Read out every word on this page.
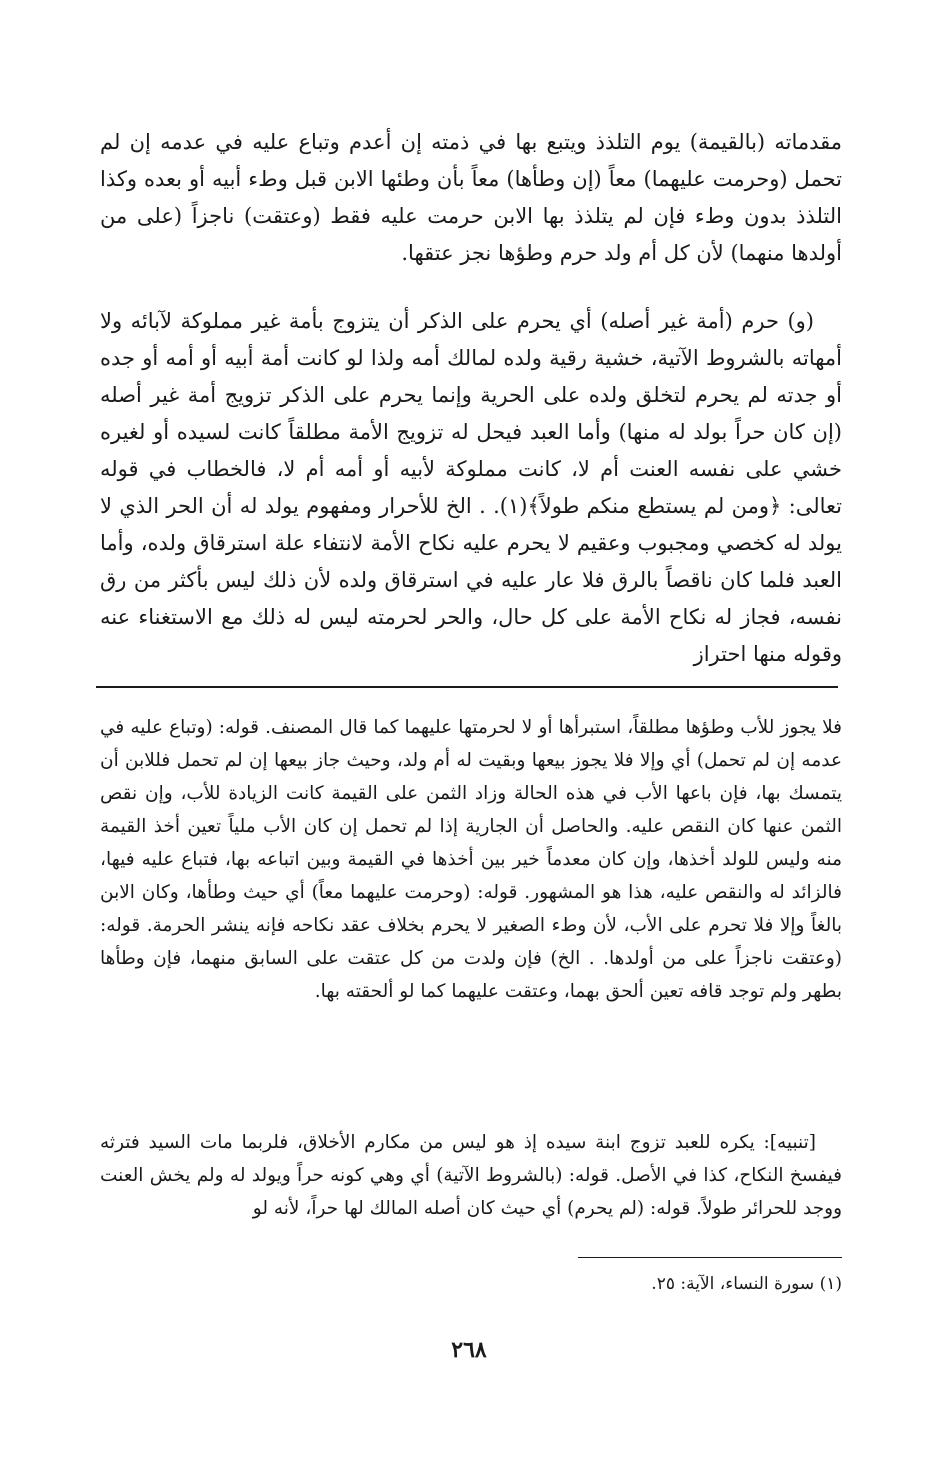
مقدماته (بالقيمة) يوم التلذذ ويتبع بها في ذمته إن أعدم وتباع عليه في عدمه إن لم تحمل (وحرمت عليهما) معاً (إن وطأها) معاً بأن وطئها الابن قبل وطء أبيه أو بعده وكذا التلذذ بدون وطء فإن لم يتلذذ بها الابن حرمت عليه فقط (وعتقت) ناجزاً (على من أولدها منهما) لأن كل أم ولد حرم وطؤها نجز عتقها.

(و) حرم (أمة غير أصله) أي يحرم على الذكر أن يتزوج بأمة غير مملوكة لآبائه ولا أمهاته بالشروط الآتية، خشية رقية ولده لمالك أمه ولذا لو كانت أمة أبيه أو أمه أو جده أو جدته لم يحرم لتخلق ولده على الحرية وإنما يحرم على الذكر تزويج أمة غير أصله (إن كان حراً بولد له منها) وأما العبد فيحل له تزويج الأمة مطلقاً كانت لسيده أو لغيره خشي على نفسه العنت أم لا، كانت مملوكة لأبيه أو أمه أم لا، فالخطاب في قوله تعالى: ﴿ومن لم يستطع منكم طولاً﴾(١). . الخ للأحرار ومفهوم يولد له أن الحر الذي لا يولد له كخصي ومجبوب وعقيم لا يحرم عليه نكاح الأمة لانتفاء علة استرقاق ولده، وأما العبد فلما كان ناقصاً بالرق فلا عار عليه في استرقاق ولده لأن ذلك ليس بأكثر من رق نفسه، فجاز له نكاح الأمة على كل حال، والحر لحرمته ليس له ذلك مع الاستغناء عنه وقوله منها احتراز

فلا يجوز للأب وطؤها مطلقاً، استبرأها أو لا لحرمتها عليهما كما قال المصنف. قوله: (وتباع عليه في عدمه إن لم تحمل) أي وإلا فلا يجوز بيعها وبقيت له أم ولد، وحيث جاز بيعها إن لم تحمل فللابن أن يتمسك بها، فإن باعها الأب في هذه الحالة وزاد الثمن على القيمة كانت الزيادة للأب، وإن نقص الثمن عنها كان النقص عليه. والحاصل أن الجارية إذا لم تحمل إن كان الأب ملياً تعين أخذ القيمة منه وليس للولد أخذها، وإن كان معدماً خير بين أخذها في القيمة وبين اتباعه بها، فتباع عليه فيها، فالزائد له والنقص عليه، هذا هو المشهور. قوله: (وحرمت عليهما معاً) أي حيث وطأها، وكان الابن بالغاً وإلا فلا تحرم على الأب، لأن وطء الصغير لا يحرم بخلاف عقد نكاحه فإنه ينشر الحرمة. قوله: (وعتقت ناجزاً على من أولدها. . الخ) فإن ولدت من كل عتقت على السابق منهما، فإن وطأها بطهر ولم توجد قافه تعين ألحق بهما، وعتقت عليهما كما لو ألحقته بها.

[تنبيه]: يكره للعبد تزوج ابنة سيده إذ هو ليس من مكارم الأخلاق، فلربما مات السيد فترثه فيفسخ النكاح، كذا في الأصل. قوله: (بالشروط الآتية) أي وهي كونه حراً ويولد له ولم يخش العنت ووجد للحرائر طولاً. قوله: (لم يحرم) أي حيث كان أصله المالك لها حراً، لأنه لو

(١) سورة النساء، الآية: ٢٥.

٢٦٨
